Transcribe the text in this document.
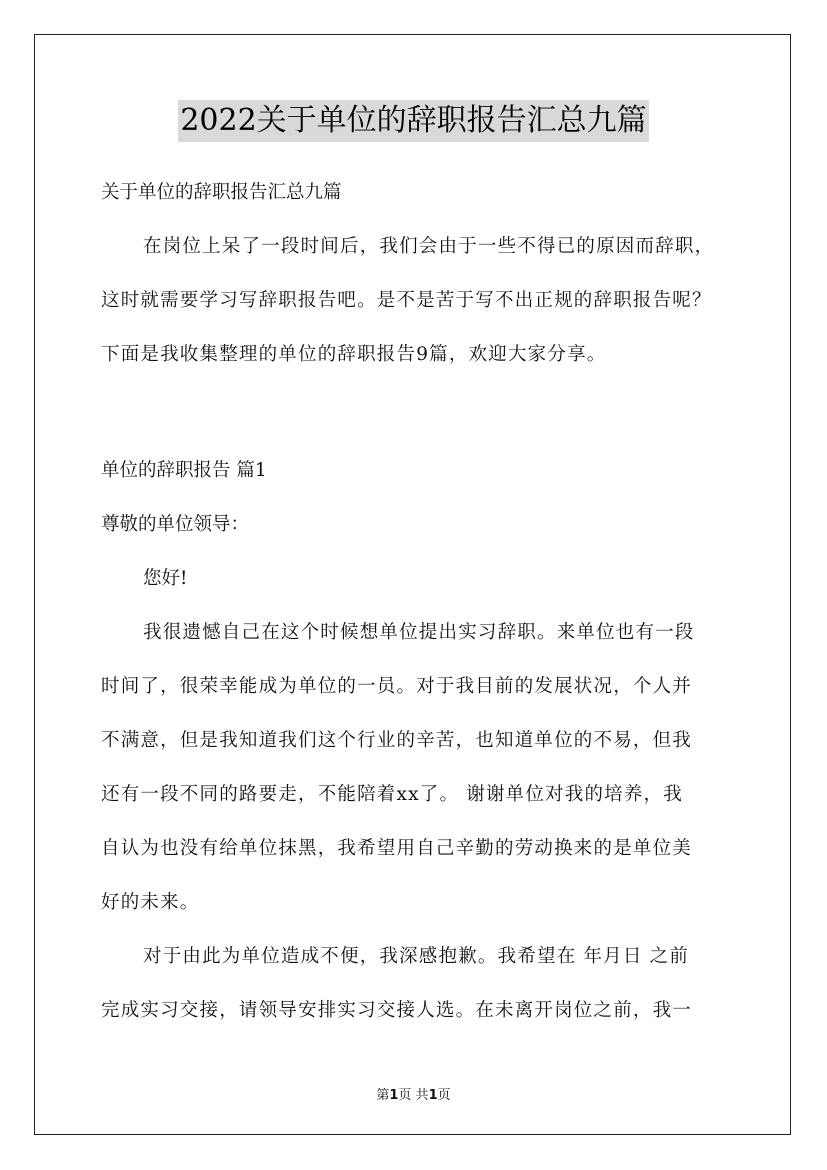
2022关于单位的辞职报告汇总九篇
关于单位的辞职报告汇总九篇
在岗位上呆了一段时间后，我们会由于一些不得已的原因而辞职，
这时就需要学习写辞职报告吧。是不是苦于写不出正规的辞职报告呢？
下面是我收集整理的单位的辞职报告9篇，欢迎大家分享。
单位的辞职报告 篇1
尊敬的单位领导：
您好!
我很遗憾自己在这个时候想单位提出实习辞职。来单位也有一段
时间了，很荣幸能成为单位的一员。对于我目前的发展状况，个人并
不满意，但是我知道我们这个行业的辛苦，也知道单位的不易，但我
还有一段不同的路要走，不能陪着xx了。 谢谢单位对我的培养，我
自认为也没有给单位抹黑，我希望用自己辛勤的劳动换来的是单位美
好的未来。
对于由此为单位造成不便，我深感抱歉。我希望在 年月日 之前
完成实习交接，请领导安排实习交接人选。在未离开岗位之前，我一
第1页 共1页
